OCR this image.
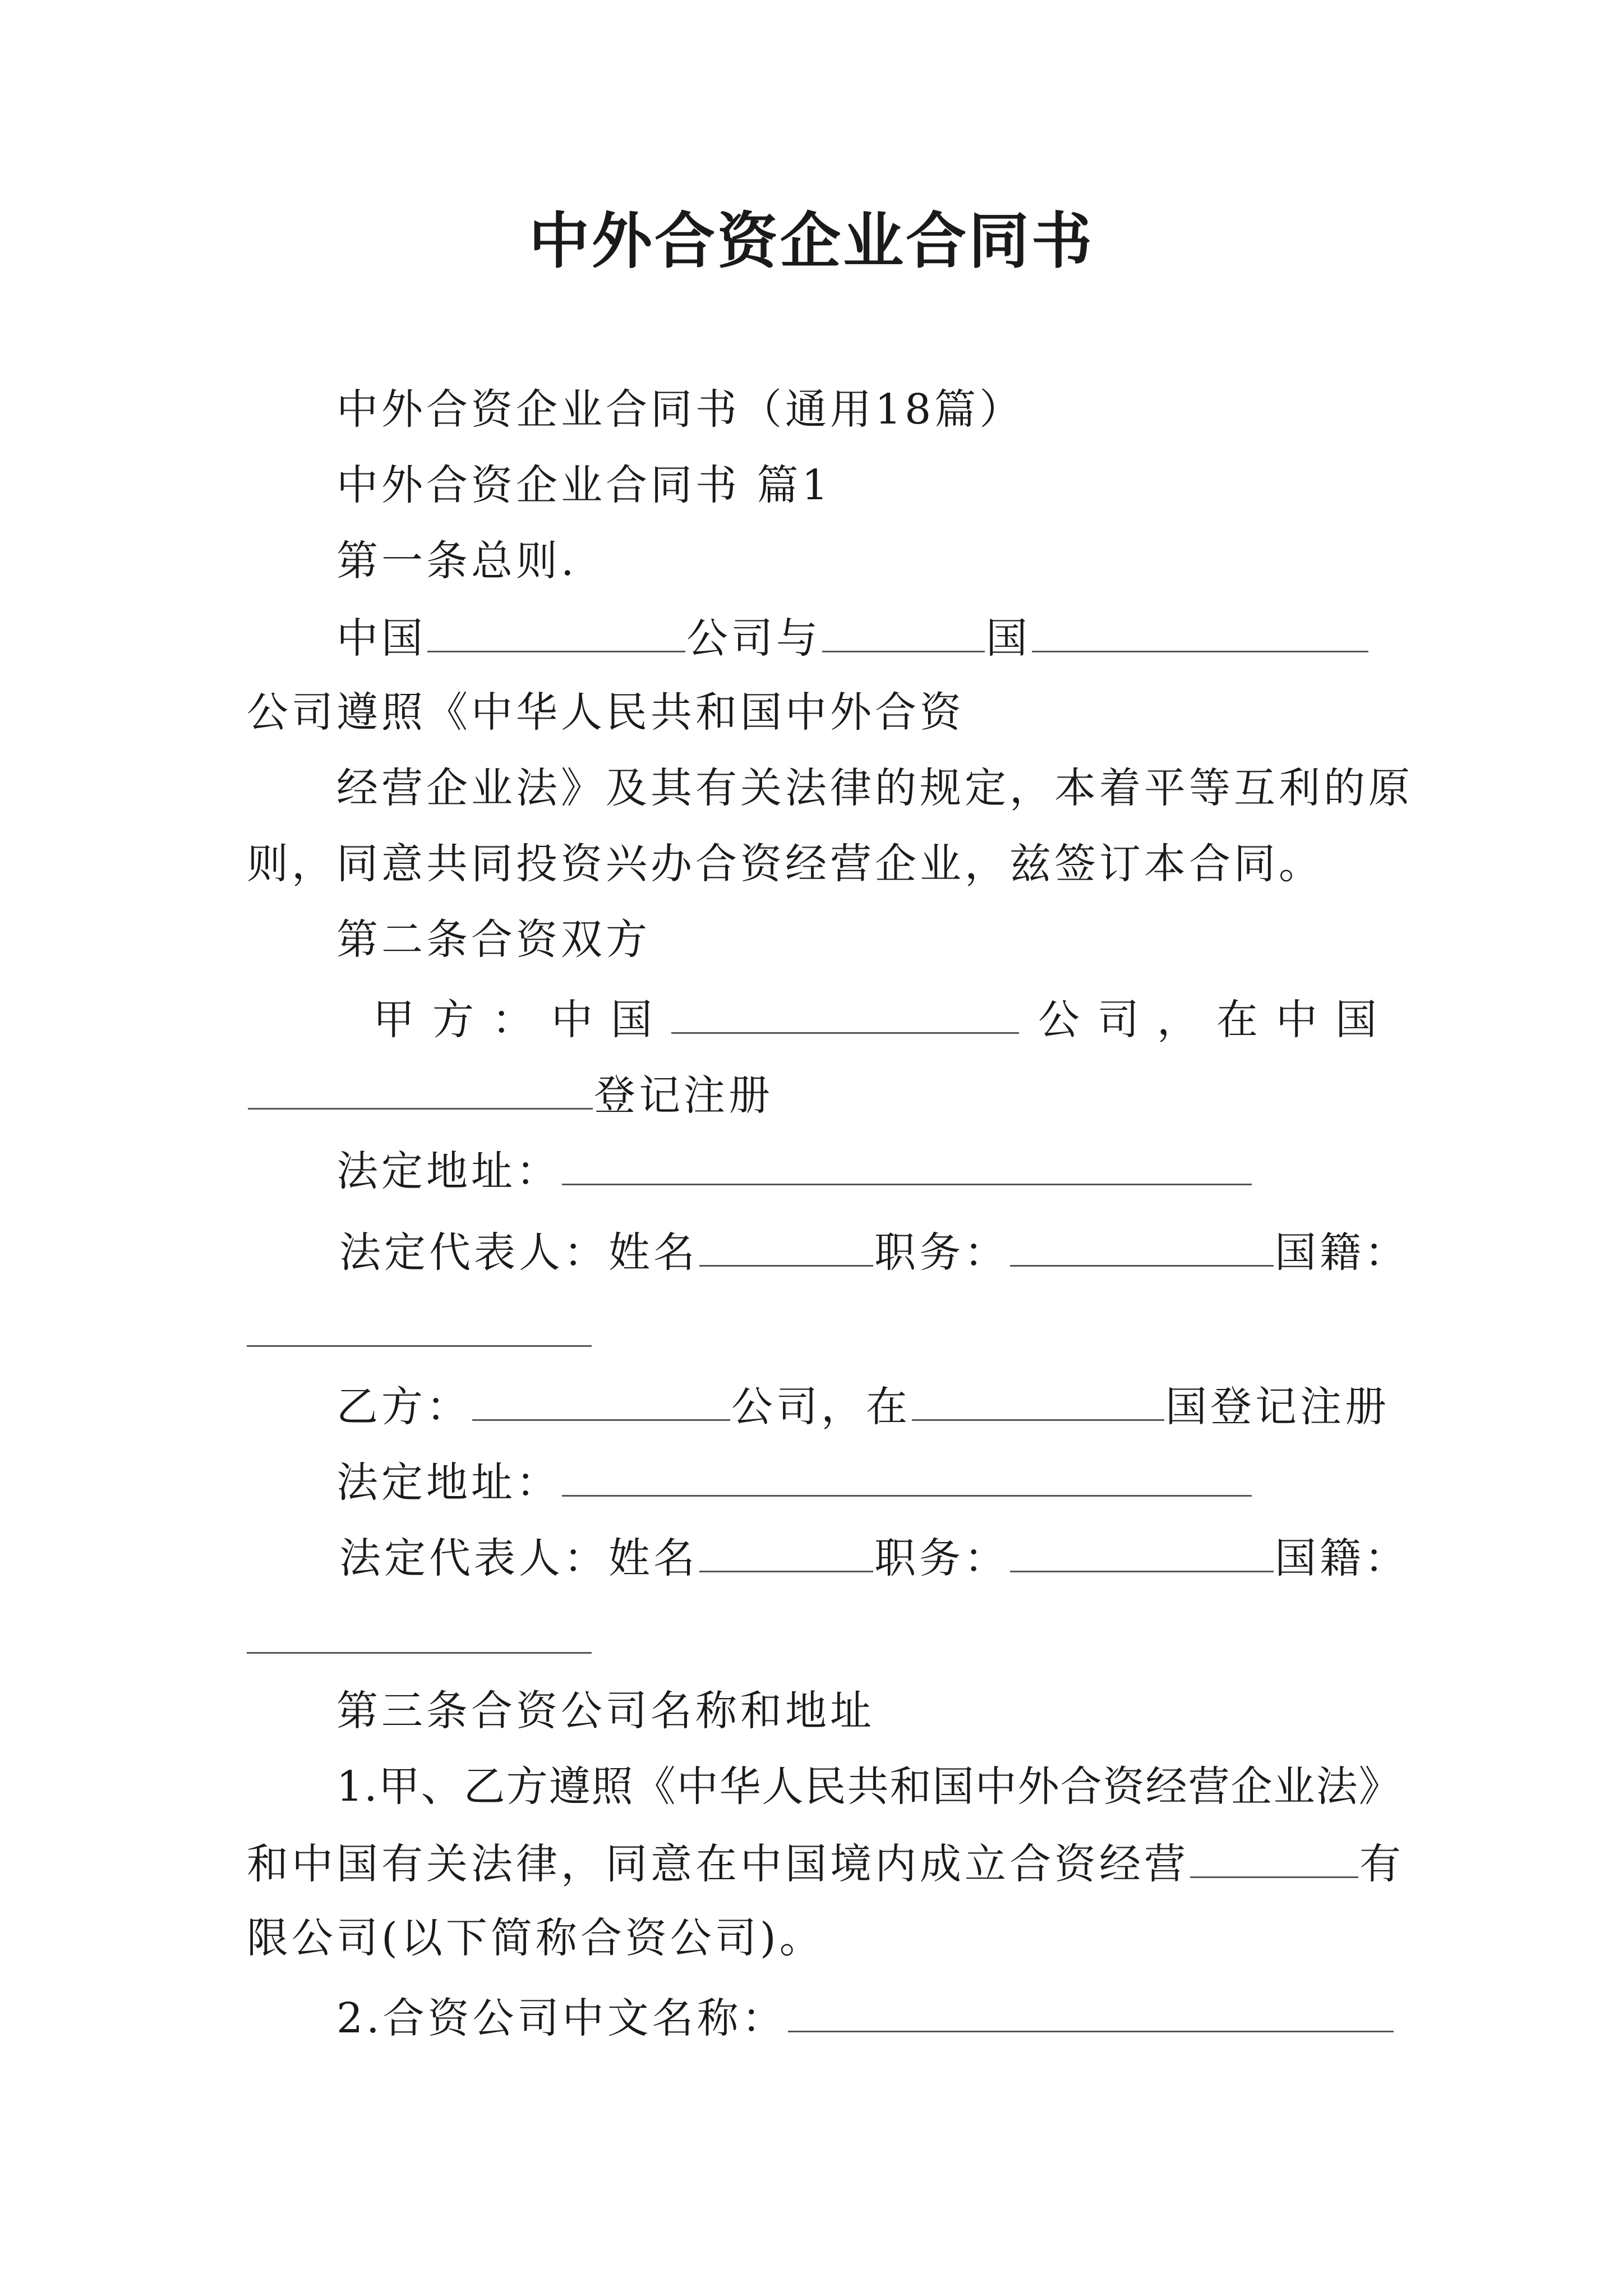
中外合资企业合同书
中外合资企业合同书（通用18篇）
中外合资企业合同书 篇1
第一条总则.
中国	公司与	国
公司遵照《中华人民共和国中外合资
经营企业法》及其有关法律的规定，本着平等互利的原
则，同意共同投资兴办合资经营企业，兹签订本合同。
第二条合资双方
甲 方 ： 中 国	公 司 ， 在 中 国
登记注册
法定地址：
法定代表人：姓名	职务：	国籍：
乙方：	公司，在	国登记注册
法定地址：
法定代表人：姓名	职务：	国籍：
第三条合资公司名称和地址
1.甲、乙方遵照《中华人民共和国中外合资经营企业法》
和中国有关法律，同意在中国境内成立合资经营	有
限公司(以下简称合资公司)。
2.合资公司中文名称：
